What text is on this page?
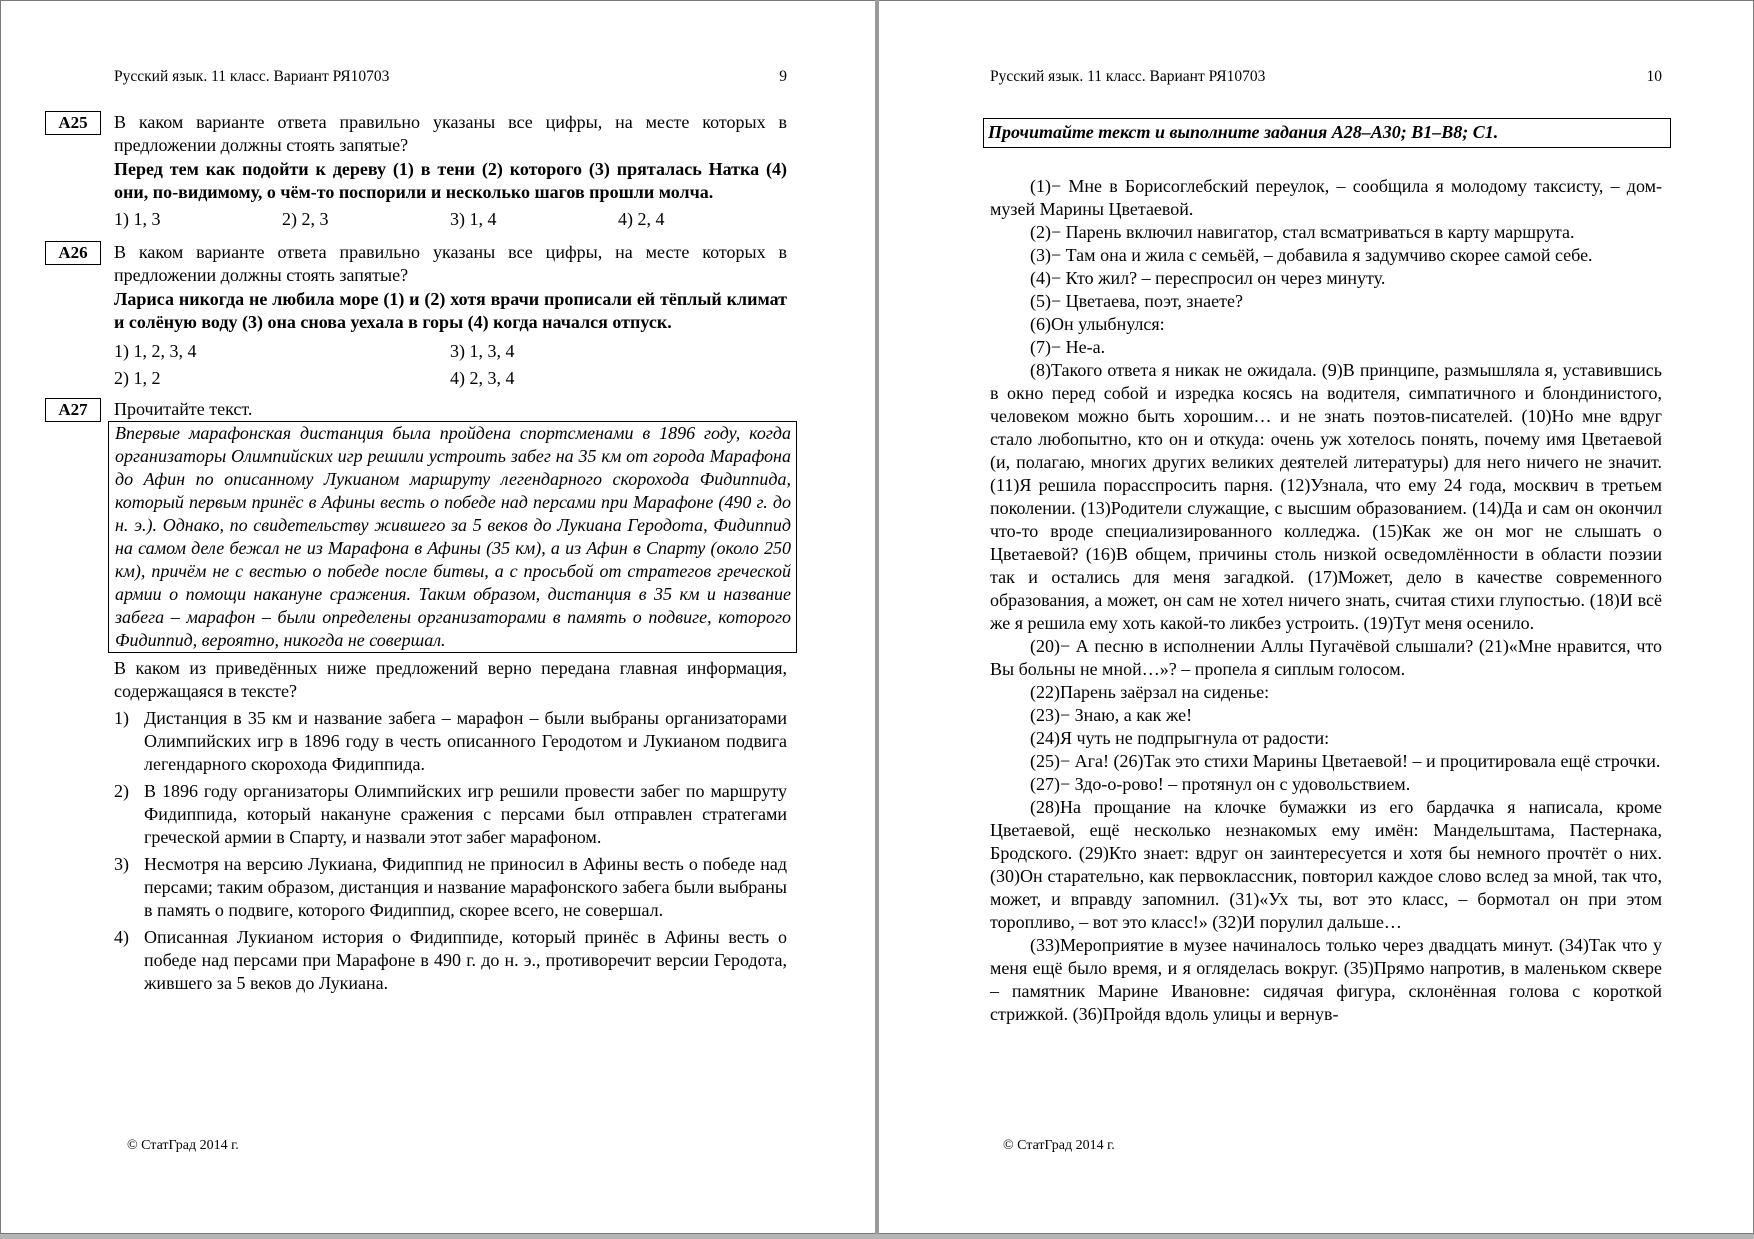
Русский язык. 11 класс. Вариант РЯ10703	9
А25	В каком варианте ответа правильно указаны все цифры, на месте которых в предложении должны стоять запятые?

Перед тем как подойти к дереву (1) в тени (2) которого (3) пряталась Натка (4) они, по-видимому, о чём-то поспорили и несколько шагов прошли молча.

1) 1, 3	2) 2, 3	3) 1, 4	4) 2, 4
А26	В каком варианте ответа правильно указаны все цифры, на месте которых в предложении должны стоять запятые?

Лариса никогда не любила море (1) и (2) хотя врачи прописали ей тёплый климат и солёную воду (3) она снова уехала в горы (4) когда начался отпуск.

1) 1, 2, 3, 4	3) 1, 3, 4
2) 1, 2	4) 2, 3, 4
А27	Прочитайте текст.

Впервые марафонская дистанция была пройдена спортсменами в 1896 году, когда организаторы Олимпийских игр решили устроить забег на 35 км от города Марафона до Афин по описанному Лукианом маршруту легендарного скорохода Фидиппида, который первым принёс в Афины весть о победе над персами при Марафоне (490 г. до н. э.). Однако, по свидетельству жившего за 5 веков до Лукиана Геродота, Фидиппид на самом деле бежал не из Марафона в Афины (35 км), а из Афин в Спарту (около 250 км), причём не с вестью о победе после битвы, а с просьбой от стратегов греческой армии о помощи накануне сражения. Таким образом, дистанция в 35 км и название забега – марафон – были определены организаторами в память о подвиге, которого Фидиппид, вероятно, никогда не совершал.

В каком из приведённых ниже предложений верно передана главная информация, содержащаяся в тексте?

1) Дистанция в 35 км и название забега – марафон – были выбраны организаторами Олимпийских игр в 1896 году в честь описанного Геродотом и Лукианом подвига легендарного скорохода Фидиппида.
2) В 1896 году организаторы Олимпийских игр решили провести забег по маршруту Фидиппида, который накануне сражения с персами был отправлен стратегами греческой армии в Спарту, и назвали этот забег марафоном.
3) Несмотря на версию Лукиана, Фидиппид не приносил в Афины весть о победе над персами; таким образом, дистанция и название марафонского забега были выбраны в память о подвиге, которого Фидиппид, скорее всего, не совершал.
4) Описанная Лукианом история о Фидиппиде, который принёс в Афины весть о победе над персами при Марафоне в 490 г. до н. э., противоречит версии Геродота, жившего за 5 веков до Лукиана.
© СтатГрад 2014 г.
Русский язык. 11 класс. Вариант РЯ10703	10
Прочитайте текст и выполните задания А28–А30; В1–В8; С1.

(1)− Мне в Борисоглебский переулок, – сообщила я молодому таксисту, – дом-музей Марины Цветаевой.

(2)− Парень включил навигатор, стал всматриваться в карту маршрута.

(3)− Там она и жила с семьёй, – добавила я задумчиво скорее самой себе.

(4)− Кто жил? – переспросил он через минуту.

(5)− Цветаева, поэт, знаете?

(6)Он улыбнулся:

(7)− Не-а.

(8)Такого ответа я никак не ожидала. (9)В принципе, размышляла я, уставившись в окно перед собой и изредка косясь на водителя, симпатичного и блондинистого, человеком можно быть хорошим… и не знать поэтов-писателей. (10)Но мне вдруг стало любопытно, кто он и откуда: очень уж хотелось понять, почему имя Цветаевой (и, полагаю, многих других великих деятелей литературы) для него ничего не значит. (11)Я решила порасспросить парня. (12)Узнала, что ему 24 года, москвич в третьем поколении. (13)Родители служащие, с высшим образованием. (14)Да и сам он окончил что-то вроде специализированного колледжа. (15)Как же он мог не слышать о Цветаевой? (16)В общем, причины столь низкой осведомлённости в области поэзии так и остались для меня загадкой. (17)Может, дело в качестве современного образования, а может, он сам не хотел ничего знать, считая стихи глупостью. (18)И всё же я решила ему хоть какой-то ликбез устроить. (19)Тут меня осенило.

(20)− А песню в исполнении Аллы Пугачёвой слышали? (21)«Мне нравится, что Вы больны не мной…»? – пропела я сиплым голосом.

(22)Парень заёрзал на сиденье:

(23)− Знаю, а как же!

(24)Я чуть не подпрыгнула от радости:

(25)− Ага! (26)Так это стихи Марины Цветаевой! – и процитировала ещё строчки.

(27)− Здо-о-рово! – протянул он с удовольствием.

(28)На прощание на клочке бумажки из его бардачка я написала, кроме Цветаевой, ещё несколько незнакомых ему имён: Мандельштама, Пастернака, Бродского. (29)Кто знает: вдруг он заинтересуется и хотя бы немного прочтёт о них. (30)Он старательно, как первоклассник, повторил каждое слово вслед за мной, так что, может, и вправду запомнил. (31)«Ух ты, вот это класс, – бормотал он при этом торопливо, – вот это класс!» (32)И порулил дальше…

(33)Мероприятие в музее начиналось только через двадцать минут. (34)Так что у меня ещё было время, и я огляделась вокруг. (35)Прямо напротив, в маленьком сквере – памятник Марине Ивановне: сидячая фигура, склонённая голова с короткой стрижкой. (36)Пройдя вдоль улицы и вернув-

© СтатГрад 2014 г.
